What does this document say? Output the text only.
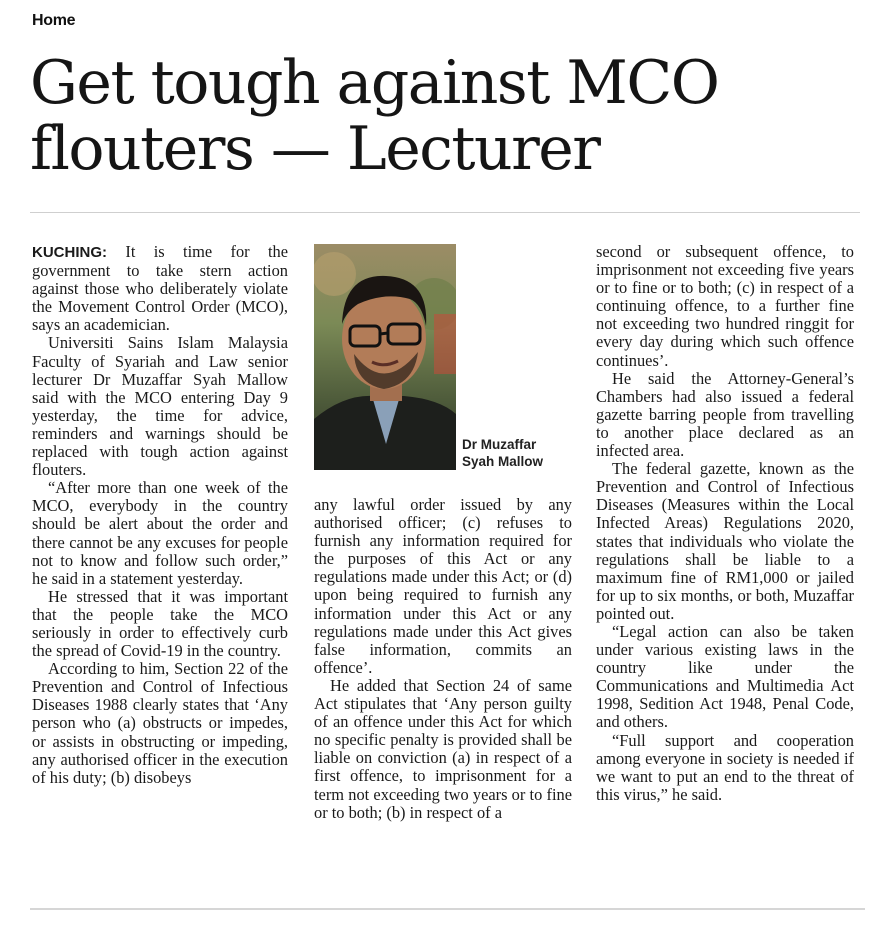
Home
Get tough against MCO flouters — Lecturer

KUCHING: It is time for the government to take stern action against those who deliberately violate the Movement Control Order (MCO), says an academician.

Universiti Sains Islam Malaysia Faculty of Syariah and Law senior lecturer Dr Muzaffar Syah Mallow said with the MCO entering Day 9 yesterday, the time for advice, reminders and warnings should be replaced with tough action against flouters.

“After more than one week of the MCO, everybody in the country should be alert about the order and there cannot be any excuses for people not to know and follow such order,” he said in a statement yesterday.

He stressed that it was important that the people take the MCO seriously in order to effectively curb the spread of Covid-19 in the country.

According to him, Section 22 of the Prevention and Control of Infectious Diseases 1988 clearly states that ‘Any person who (a) obstructs or impedes, or assists in obstructing or impeding, any authorised officer in the execution of his duty; (b) disobeys

Dr Muzaffar
Syah Mallow

any lawful order issued by any authorised officer; (c) refuses to furnish any information required for the purposes of this Act or any regulations made under this Act; or (d) upon being required to furnish any information under this Act or any regulations made under this Act gives false information, commits an offence’.

He added that Section 24 of same Act stipulates that ‘Any person guilty of an offence under this Act for which no specific penalty is provided shall be liable on conviction (a) in respect of a first offence, to imprisonment for a term not exceeding two years or to fine or to both; (b) in respect of a

second or subsequent offence, to imprisonment not exceeding five years or to fine or to both; (c) in respect of a continuing offence, to a further fine not exceeding two hundred ringgit for every day during which such offence continues’.

He said the Attorney-General’s Chambers had also issued a federal gazette barring people from travelling to another place declared as an infected area.

The federal gazette, known as the Prevention and Control of Infectious Diseases (Measures within the Local Infected Areas) Regulations 2020, states that individuals who violate the regulations shall be liable to a maximum fine of RM1,000 or jailed for up to six months, or both, Muzaffar pointed out.

“Legal action can also be taken under various existing laws in the country like under the Communications and Multimedia Act 1998, Sedition Act 1948, Penal Code, and others.

“Full support and cooperation among everyone in society is needed if we want to put an end to the threat of this virus,” he said.
